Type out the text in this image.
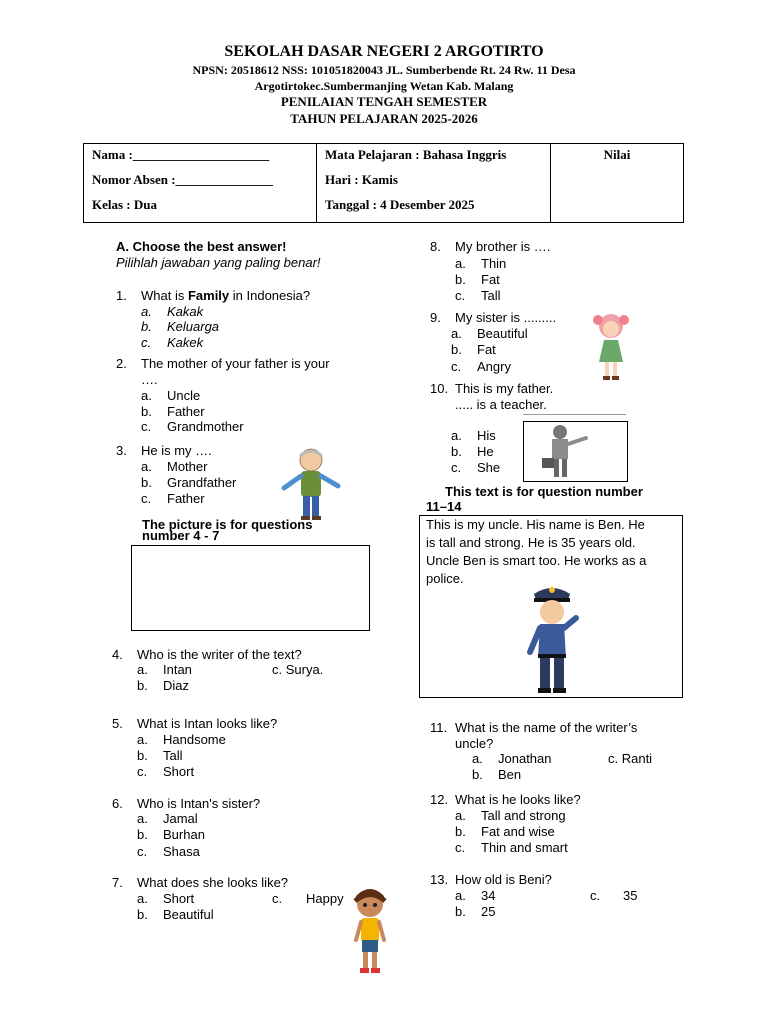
SEKOLAH DASAR NEGERI 2 ARGOTIRTO
NPSN: 20518612 NSS: 101051820043 JL. Sumberbende Rt. 24 Rw. 11 Desa
Argotirtokec.Sumbermanjing Wetan Kab. Malang
PENILAIAN TENGAH SEMESTER
TAHUN PELAJARAN 2025-2026
Nama :_____________________
Nomor Absen :_______________
Kelas : Dua

Mata Pelajaran : Bahasa Inggris
Hari : Kamis
Tanggal : 4 Desember 2025

Nilai
A. Choose the best answer!
Pilihlah jawaban yang paling benar!
1. What is Family in Indonesia?
a. Kakak
b. Keluarga
c. Kakek
2. The mother of your father is your
….
a. Uncle
b. Father
c. Grandmother
3. He is my ….
a. Mother
b. Grandfather
c. Father
The picture is for questions
number 4 - 7
4. Who is the writer of the text?
a. Intan	c. Surya.
b. Diaz
5. What is Intan looks like?
a. Handsome
b. Tall
c. Short
6. Who is Intan's sister?
a. Jamal
b. Burhan
c. Shasa
7. What does she looks like?
a. Short	c. Happy
b. Beautiful
8. My brother is ….
a. Thin
b. Fat
c. Tall
9. My sister is .........
a. Beautiful
b. Fat
c. Angry
10. This is my father.
..... is a teacher.
a. His
b. He
c. She
This text is for question number
11–14
This is my uncle. His name is Ben. He
is tall and strong. He is 35 years old.
Uncle Ben is smart too. He works as a
police.
11. What is the name of the writer’s
uncle?
a. Jonathan	c. Ranti
b. Ben
12. What is he looks like?
a. Tall and strong
b. Fat and wise
c. Thin and smart
13. How old is Beni?
a. 34	c. 35
b. 25
